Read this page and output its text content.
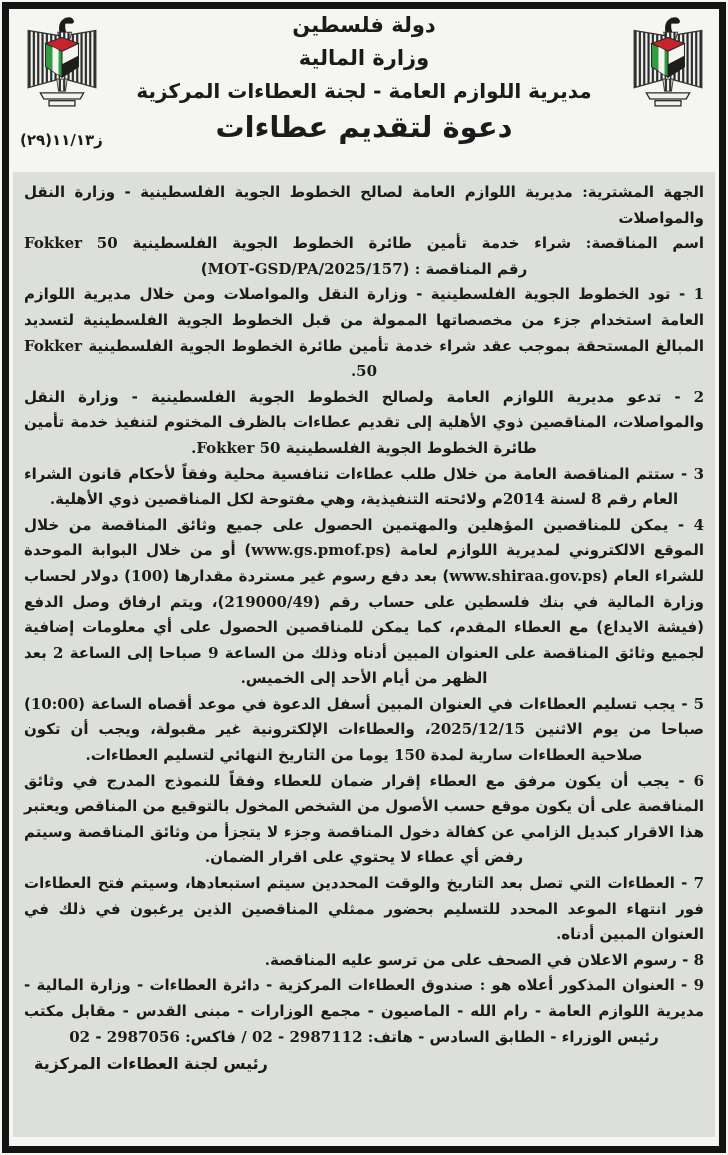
دولة فلسطين
وزارة المالية
مديرية اللوازم العامة - لجنة العطاءات المركزية
دعوة لتقديم عطاءات
ز١١/١٣(٢٩)
الجهة المشترية: مديرية اللوازم العامة لصالح الخطوط الجوية الفلسطينية - وزارة النقل والمواصلات
اسم المناقصة: شراء خدمة تأمين طائرة الخطوط الجوية الفلسطينية Fokker 50
رقم المناقصة : (MOT-GSD/PA/2025/157)
1 - تود الخطوط الجوية الفلسطينية - وزارة النقل والمواصلات ومن خلال مديرية اللوازم العامة استخدام جزء من مخصصاتها الممولة من قبل الخطوط الجوية الفلسطينية لتسديد المبالغ المستحقة بموجب عقد شراء خدمة تأمين طائرة الخطوط الجوية الفلسطينية Fokker 50.
2 - تدعو مديرية اللوازم العامة ولصالح الخطوط الجوية الفلسطينية - وزارة النقل والمواصلات، المناقصين ذوي الأهلية إلى تقديم عطاءات بالظرف المختوم لتنفيذ خدمة تأمين طائرة الخطوط الجوية الفلسطينية Fokker 50.
3 - ستتم المناقصة العامة من خلال طلب عطاءات تنافسية محلية وفقاً لأحكام قانون الشراء العام رقم 8 لسنة 2014م ولائحته التنفيذية، وهي مفتوحة لكل المناقصين ذوي الأهلية.
4 - يمكن للمناقصين المؤهلين والمهتمين الحصول على جميع وثائق المناقصة من خلال الموقع الالكتروني لمديرية اللوازم لعامة (www.gs.pmof.ps) أو من خلال البوابة الموحدة للشراء العام (www.shiraa.gov.ps) بعد دفع رسوم غير مستردة مقدارها (100) دولار لحساب وزارة المالية في بنك فلسطين على حساب رقم (219000/49)، ويتم ارفاق وصل الدفع (فيشة الايداع) مع العطاء المقدم، كما يمكن للمناقصين الحصول على أي معلومات إضافية لجميع وثائق المناقصة على العنوان المبين أدناه وذلك من الساعة 9 صباحا إلى الساعة 2 بعد الظهر من أيام الأحد إلى الخميس.
5 - يجب تسليم العطاءات في العنوان المبين أسفل الدعوة في موعد أقصاه الساعة (10:00) صباحا من يوم الاثنين 2025/12/15، والعطاءات الإلكترونية غير مقبولة، ويجب أن تكون صلاحية العطاءات سارية لمدة 150 يوما من التاريخ النهائي لتسليم العطاءات.
6 - يجب أن يكون مرفق مع العطاء إقرار ضمان للعطاء وفقاً للنموذج المدرج في وثائق المناقصة على أن يكون موقع حسب الأصول من الشخص المخول بالتوقيع من المناقص ويعتبر هذا الاقرار كبديل الزامي عن كفالة دخول المناقصة وجزء لا يتجزأ من وثائق المناقصة وسيتم رفض أي عطاء لا يحتوي على اقرار الضمان.
7 - العطاءات التي تصل بعد التاريخ والوقت المحددين سيتم استبعادها، وسيتم فتح العطاءات فور انتهاء الموعد المحدد للتسليم بحضور ممثلي المناقصين الذين يرغبون في ذلك في العنوان المبين أدناه.
8 - رسوم الاعلان في الصحف على من ترسو عليه المناقصة.
9 - العنوان المذكور أعلاه هو : صندوق العطاءات المركزية - دائرة العطاءات - وزارة المالية - مديرية اللوازم العامة - رام الله - الماصيون - مجمع الوزارات - مبنى القدس - مقابل مكتب رئيس الوزراء - الطابق السادس - هاتف: 2987112 - 02 / فاكس: 2987056 - 02
رئيس لجنة العطاءات المركزية
